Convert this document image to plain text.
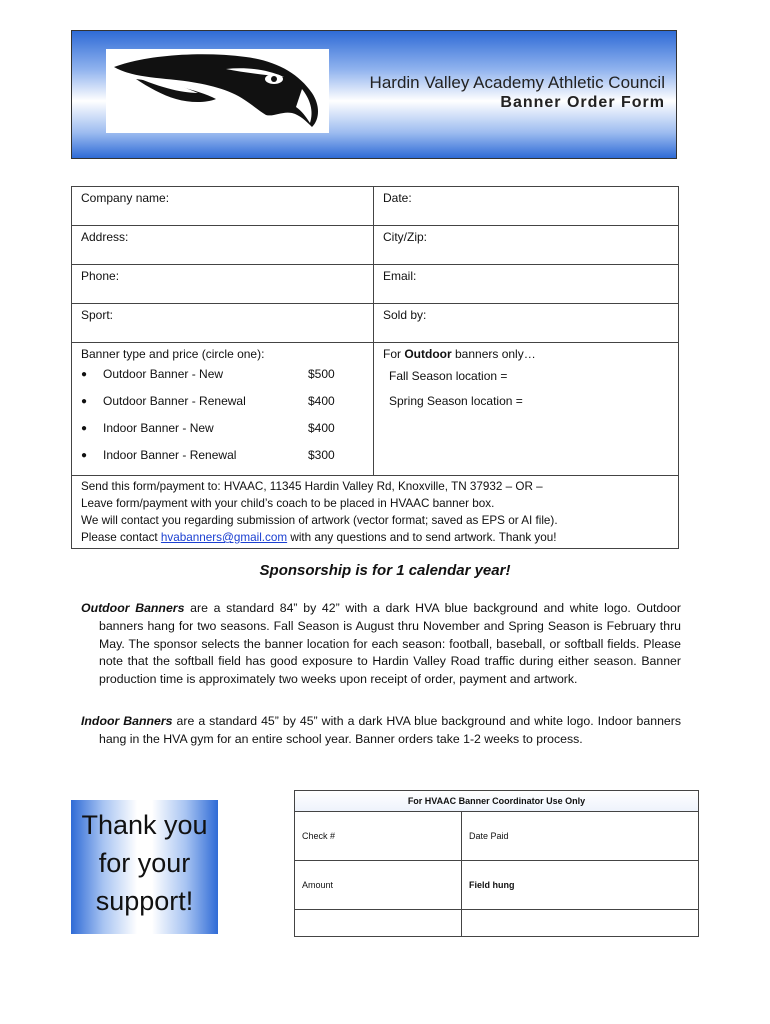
Hardin Valley Academy Athletic Council
Banner Order Form
Company name:	Date:
Address:	City/Zip:
Phone:	Email:
Sport:	Sold by:
Banner type and price (circle one):
●	Outdoor Banner - New	$500
●	Outdoor Banner - Renewal	$400
●	Indoor Banner - New	$400
●	Indoor Banner - Renewal	$300
For Outdoor banners only…
Fall Season location =
Spring Season location =
Send this form/payment to: HVAAC, 11345 Hardin Valley Rd, Knoxville, TN 37932 – OR –
Leave form/payment with your child’s coach to be placed in HVAAC banner box.
We will contact you regarding submission of artwork (vector format; saved as EPS or AI file).
Please contact hvabanners@gmail.com with any questions and to send artwork. Thank you!
Sponsorship is for 1 calendar year!

Outdoor Banners are a standard 84” by 42” with a dark HVA blue background and white logo. Outdoor banners hang for two seasons. Fall Season is August thru November and Spring Season is February thru May. The sponsor selects the banner location for each season: football, baseball, or softball fields. Please note that the softball field has good exposure to Hardin Valley Road traffic during either season. Banner production time is approximately two weeks upon receipt of order, payment and artwork.

Indoor Banners are a standard 45” by 45” with a dark HVA blue background and white logo. Indoor banners hang in the HVA gym for an entire school year. Banner orders take 1-2 weeks to process.

Thank you
for your
support!
For HVAAC Banner Coordinator Use Only
Check #	Date Paid
Amount	Field hung
